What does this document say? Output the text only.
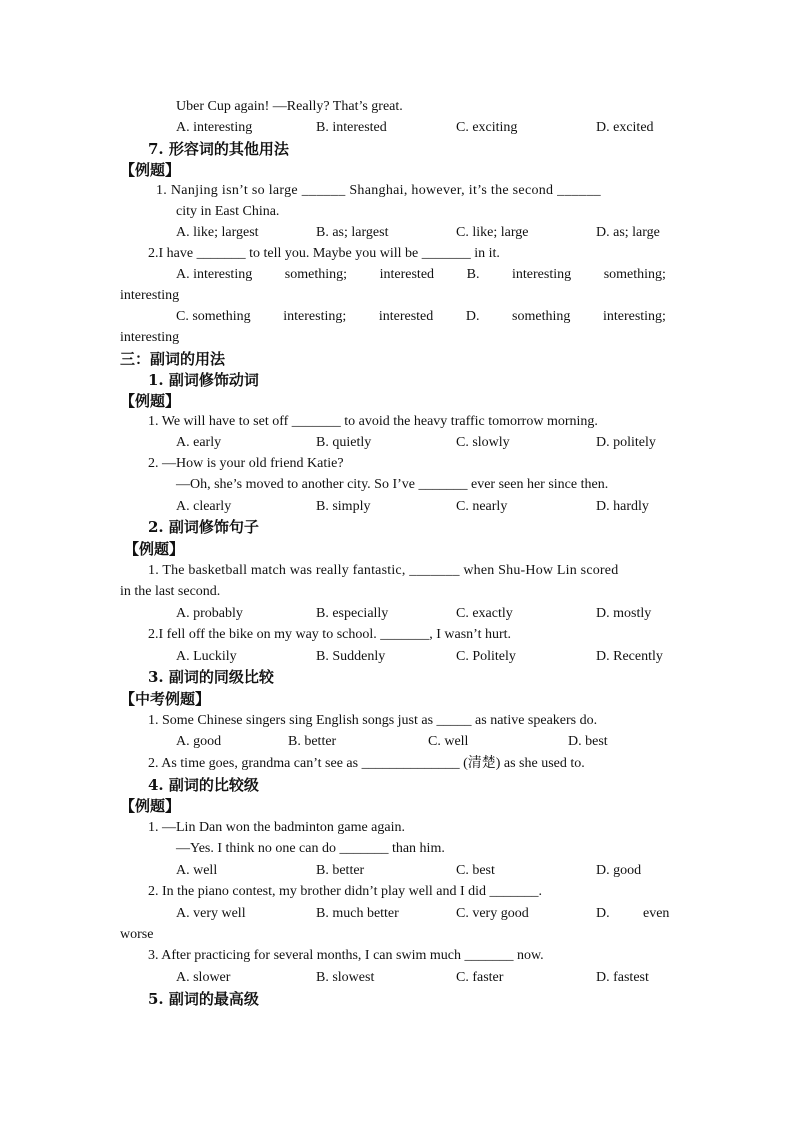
Uber Cup again! —Really? That’s great.
A. interesting	B. interested	C. exciting	D. excited
7. 形容词的其他用法
【例题】
1. Nanjing isn’t so large ______ Shanghai, however, it’s the second ______
city in East China.
A. like; largest	B. as; largest	C. like; large	D. as; large
2.I have _______ to tell you. Maybe you will be _______ in it.
A. interesting something; interested B. interesting something;
interesting
C. something interesting; interested D. something interesting;
interesting
三：副词的用法
1. 副词修饰动词
【例题】
1. We will have to set off _______ to avoid the heavy traffic tomorrow morning.
A. early	B. quietly	C. slowly	D. politely
2. —How is your old friend Katie?
—Oh, she’s moved to another city. So I’ve _______ ever seen her since then.
A. clearly	B. simply	C. nearly	D. hardly
2. 副词修饰句子
【例题】
1. The basketball match was really fantastic, _______ when Shu-How Lin scored
in the last second.
A. probably	B. especially	C. exactly	D. mostly
2.I fell off the bike on my way to school. _______, I wasn’t hurt.
A. Luckily	B. Suddenly	C. Politely	D. Recently
3. 副词的同级比较
【中考例题】
1. Some Chinese singers sing English songs just as _____ as native speakers do.
A. good	B. better	C. well	D. best
2. As time goes, grandma can’t see as ______________ (清楚) as she used to.
4. 副词的比较级
【例题】
1. —Lin Dan won the badminton game again.
—Yes. I think no one can do _______ than him.
A. well	B. better	C. best	D. good
2. In the piano contest, my brother didn’t play well and I did _______.
A. very well	B. much better	C. very good	D. even
worse
3. After practicing for several months, I can swim much _______ now.
A. slower	B. slowest	C. faster	D. fastest
5. 副词的最高级
